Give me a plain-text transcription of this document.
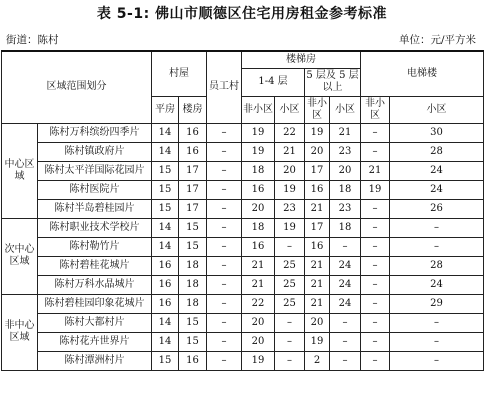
表 5-1: 佛山市顺德区住宅用房租金参考标准
街道：陈村	单位：元/平方米
区域范围划分		村屋		员工村	楼梯房				电梯楼	
					1-4 层		5 层及 5 层以上			

		平房	楼房		非小区	小区	非小区	小区	非小区	小区
中心区域	陈村万科缤纷四季片	14	16	–	19	22	19	21	–	30
	陈村镇政府片	14	16	–	19	21	20	23	–	28
	陈村太平洋国际花园片	15	17	–	18	20	17	20	21	24
	陈村医院片	15	17	–	16	19	16	18	19	24
	陈村半岛碧桂园片	15	17	–	20	23	21	23	–	26
次中心区域	陈村职业技术学校片	14	15	–	18	19	17	18	–	–
	陈村勒竹片	14	15	–	16	–	16	–	–	–
	陈村碧桂花城片	16	18	–	21	25	21	24	–	28
	陈村万科水晶城片	16	18	–	21	25	21	24	–	24
非中心区域	陈村碧桂园印象花城片	16	18	–	22	25	21	24	–	29
	陈村大都村片	14	15	–	20	–	20	–	–	–
	陈村花卉世界片	14	15	–	20	–	19	–	–	–
	陈村潭洲村片	15	16	–	19	–	2	–	–	–
